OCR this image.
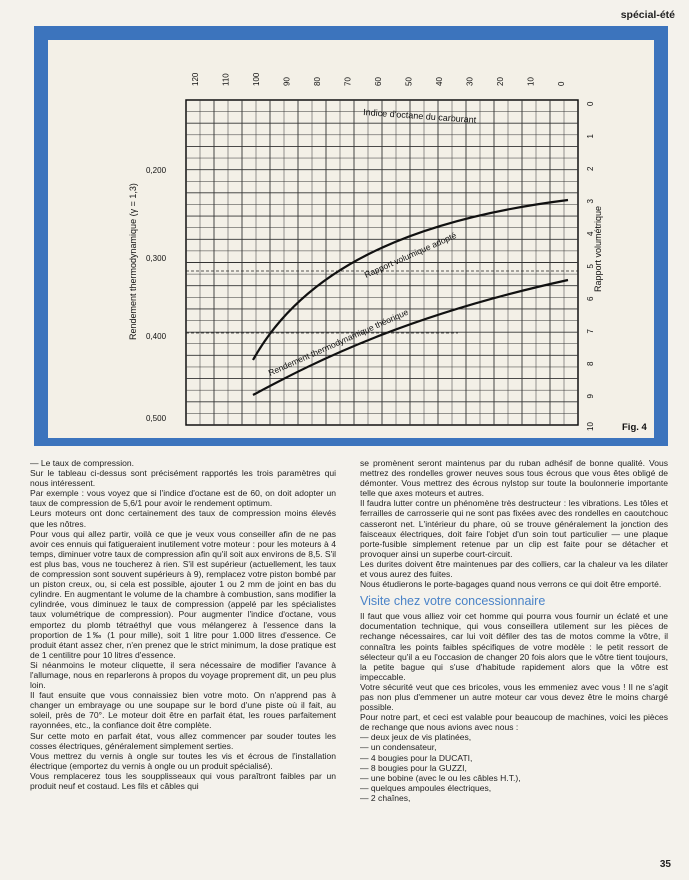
spécial-été
120	110	100	90	80	70	60	50	40	30	20	10	0
Indice d'octane du carburant
0,200
0,300
0,400
0,500
Rendement thermodynamique (γ = 1,3)
0
1
2
3
4
5
6
7
8
9
10
Rapport volumétrique
Rapport volumique adopté
Rendement thermodynamique théorique
Fig. 4

— Le taux de compression.

Sur le tableau ci-dessus sont précisément rapportés les trois paramètres qui nous intéressent.

Par exemple : vous voyez que si l'indice d'octane est de 60, on doit adopter un taux de compression de 5,6/1 pour avoir le rendement optimum.

Leurs moteurs ont donc certainement des taux de compression moins élevés que les nôtres.

Pour vous qui allez partir, voilà ce que je veux vous conseiller afin de ne pas avoir ces ennuis qui fatigueraient inutilement votre moteur : pour les moteurs à 4 temps, diminuer votre taux de compression afin qu'il soit aux environs de 8,5. S'il est plus bas, vous ne toucherez à rien. S'il est supérieur (actuellement, les taux de compression sont souvent supérieurs à 9), remplacez votre piston bombé par un piston creux, ou, si cela est possible, ajouter 1 ou 2 mm de joint en bas du cylindre. En augmentant le volume de la chambre à combustion, sans modifier la cylindrée, vous diminuez le taux de compression (appelé par les spécialistes taux volumétrique de compression). Pour augmenter l'indice d'octane, vous emportez du plomb tétraéthyl que vous mélangerez à l'essence dans la proportion de 1‰ (1 pour mille), soit 1 litre pour 1.000 litres d'essence. Ce produit étant assez cher, n'en prenez que le strict minimum, la dose pratique est de 1 centilitre pour 10 litres d'essence.

Si néanmoins le moteur cliquette, il sera nécessaire de modifier l'avance à l'allumage, nous en reparlerons à propos du voyage proprement dit, un peu plus loin.

Il faut ensuite que vous connaissiez bien votre moto. On n'apprend pas à changer un embrayage ou une soupape sur le bord d'une piste où il fait, au soleil, près de 70°. Le moteur doit être en parfait état, les roues parfaitement rayonnées, etc., la confiance doit être complète.

Sur cette moto en parfait état, vous allez commencer par souder toutes les cosses électriques, généralement simplement serties.

Vous mettrez du vernis à ongle sur toutes les vis et écrous de l'installation électrique (emportez du vernis à ongle ou un produit spécialisé).

Vous remplacerez tous les soupplisseaux qui vous paraîtront faibles par un produit neuf et costaud. Les fils et câbles qui

se promènent seront maintenus par du ruban adhésif de bonne qualité. Vous mettrez des rondelles grower neuves sous tous écrous que vous êtes obligé de démonter. Vous mettrez des écrous nylstop sur toute la boulonnerie importante telle que axes moteurs et autres.

Il faudra lutter contre un phénomène très destructeur : les vibrations. Les tôles et ferrailles de carrosserie qui ne sont pas fixées avec des rondelles en caoutchouc casseront net. L'intérieur du phare, où se trouve généralement la jonction des faisceaux électriques, doit faire l'objet d'un soin tout particulier — une plaque porte-fusible simplement retenue par un clip est faite pour se détacher et provoquer ainsi un superbe court-circuit.

Les durites doivent être maintenues par des colliers, car la chaleur va les dilater et vous aurez des fuites.

Nous étudierons le porte-bagages quand nous verrons ce qui doit être emporté.

Visite chez votre concessionnaire

Il faut que vous alliez voir cet homme qui pourra vous fournir un éclaté et une documentation technique, qui vous conseillera utilement sur les pièces de rechange nécessaires, car lui voit défiler des tas de motos comme la vôtre, il connaîtra les points faibles spécifiques de votre modèle : le petit ressort de sélecteur qu'il a eu l'occasion de changer 20 fois alors que le vôtre tient toujours, la petite bague qui s'use d'habitude rapidement alors que la vôtre est impeccable.

Votre sécurité veut que ces bricoles, vous les emmeniez avec vous ! Il ne s'agit pas non plus d'emmener un autre moteur car vous devez être le moins chargé possible.

Pour notre part, et ceci est valable pour beaucoup de machines, voici les pièces de rechange que nous avions avec nous :

— deux jeux de vis platinées,

— un condensateur,

— 4 bougies pour la DUCATI,

— 8 bougies pour la GUZZI,

— une bobine (avec le ou les câbles H.T.),

— quelques ampoules électriques,

— 2 chaînes,

35
